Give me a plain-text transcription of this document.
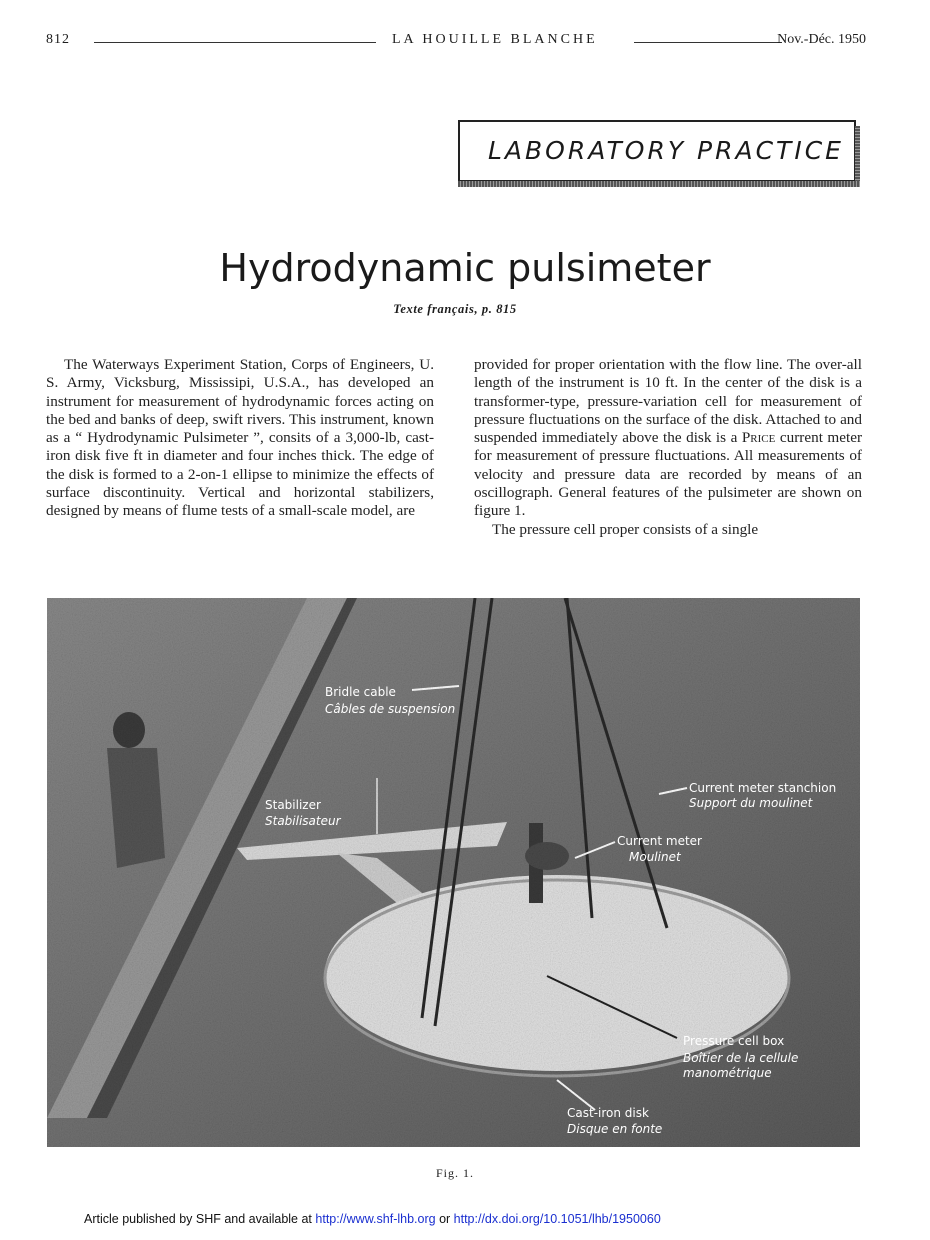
812	LA HOUILLE BLANCHE	Nov.-Déc. 1950
LABORATORY PRACTICE
Hydrodynamic pulsimeter
Texte français, p. 815

The Waterways Experiment Station, Corps of Engineers, U. S. Army, Vicksburg, Mississipi, U.S.A., has developed an instrument for measurement of hydrodynamic forces acting on the bed and banks of deep, swift rivers. This instrument, known as a “ Hydrodynamic Pulsimeter ”, consits of a 3,000-lb, cast-iron disk five ft in diameter and four inches thick. The edge of the disk is formed to a 2-on-1 ellipse to minimize the effects of surface discontinuity. Vertical and horizontal stabilizers, designed by means of flume tests of a small-scale model, are

provided for proper orientation with the flow line. The over-all length of the instrument is 10 ft. In the center of the disk is a transformer-type, pressure-variation cell for measurement of pressure fluctuations on the surface of the disk. Attached to and suspended immediately above the disk is a Price current meter for measurement of pressure fluctuations. All measurements of velocity and pressure data are recorded by means of an oscillograph. General features of the pulsimeter are shown on figure 1.

The pressure cell proper consists of a single

Bridle cable
Câbles de suspension
Current meter stanchion
Support du moulinet
Stabilizer
Stabilisateur
Current meter
Moulinet
Pressure cell box
Boîtier de la cellule
manométrique
Cast-iron disk
Disque en fonte
Fig. 1.
Article published by SHF and available at http://www.shf-lhb.org or http://dx.doi.org/10.1051/lhb/1950060
